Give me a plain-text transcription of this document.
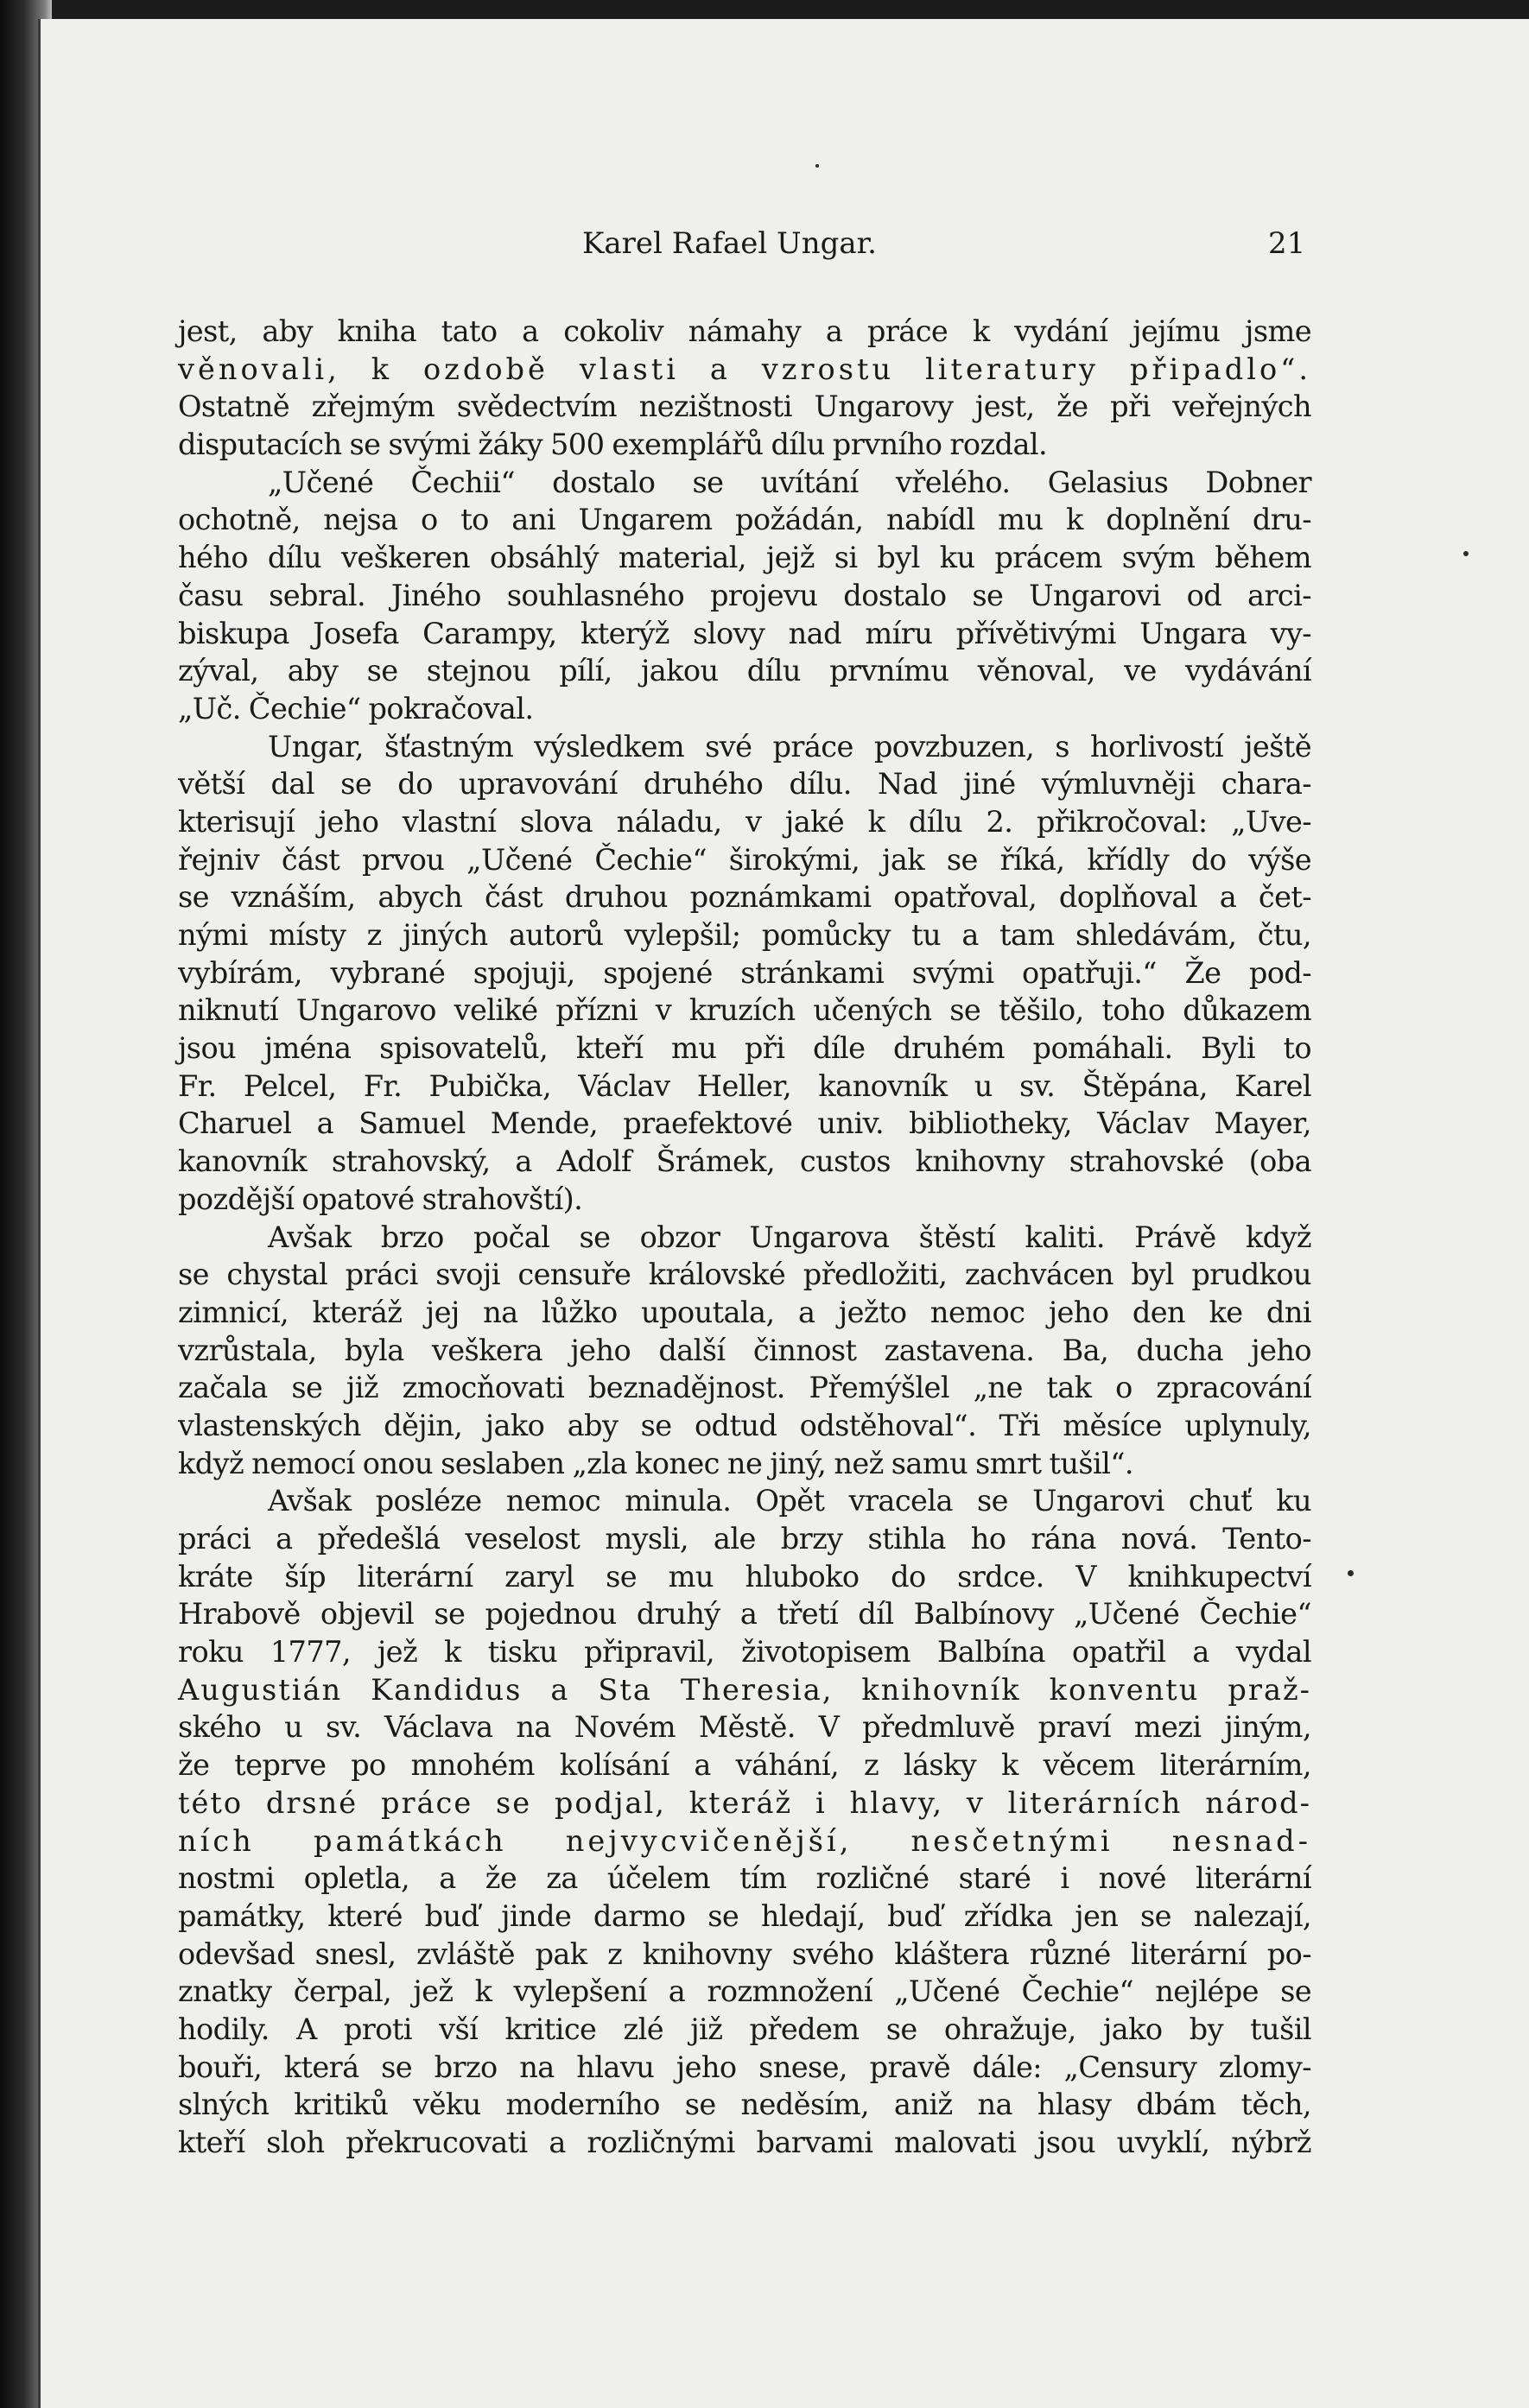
Karel Rafael Ungar.	21
jest, aby kniha tato a cokoliv námahy a práce k vydání jejímu jsme
věnovali, k ozdobě vlasti a vzrostu literatury připadlo“.
Ostatně zřejmým svědectvím nezištnosti Ungarovy jest, že při veřejných
disputacích se svými žáky 500 exemplářů dílu prvního rozdal.
„Učené Čechii“ dostalo se uvítání vřelého. Gelasius Dobner
ochotně, nejsa o to ani Ungarem požádán, nabídl mu k doplnění dru-
hého dílu veškeren obsáhlý material, jejž si byl ku prácem svým během
času sebral. Jiného souhlasného projevu dostalo se Ungarovi od arci-
biskupa Josefa Carampy, kterýž slovy nad míru přívětivými Ungara vy-
zýval, aby se stejnou pílí, jakou dílu prvnímu věnoval, ve vydávání
„Uč. Čechie“ pokračoval.
Ungar, šťastným výsledkem své práce povzbuzen, s horlivostí ještě
větší dal se do upravování druhého dílu. Nad jiné výmluvněji chara-
kterisují jeho vlastní slova náladu, v jaké k dílu 2. přikročoval: „Uve-
řejniv část prvou „Učené Čechie“ širokými, jak se říká, křídly do výše
se vznáším, abych část druhou poznámkami opatřoval, doplňoval a čet-
nými místy z jiných autorů vylepšil; pomůcky tu a tam shledávám, čtu,
vybírám, vybrané spojuji, spojené stránkami svými opatřuji.“ Že pod-
niknutí Ungarovo veliké přízni v kruzích učených se těšilo, toho důkazem
jsou jména spisovatelů, kteří mu při díle druhém pomáhali. Byli to
Fr. Pelcel, Fr. Pubička, Václav Heller, kanovník u sv. Štěpána, Karel
Charuel a Samuel Mende, praefektové univ. bibliotheky, Václav Mayer,
kanovník strahovský, a Adolf Šrámek, custos knihovny strahovské (oba
pozdější opatové strahovští).
Avšak brzo počal se obzor Ungarova štěstí kaliti. Právě když
se chystal práci svoji censuře královské předložiti, zachvácen byl prudkou
zimnicí, kteráž jej na lůžko upoutala, a ježto nemoc jeho den ke dni
vzrůstala, byla veškera jeho další činnost zastavena. Ba, ducha jeho
začala se již zmocňovati beznadějnost. Přemýšlel „ne tak o zpracování
vlastenských dějin, jako aby se odtud odstěhoval“. Tři měsíce uplynuly,
když nemocí onou seslaben „zla konec ne jiný, než samu smrt tušil“.
Avšak posléze nemoc minula. Opět vracela se Ungarovi chuť ku
práci a předešlá veselost mysli, ale brzy stihla ho rána nová. Tento-
kráte šíp literární zaryl se mu hluboko do srdce. V knihkupectví
Hrabově objevil se pojednou druhý a třetí díl Balbínovy „Učené Čechie“
roku 1777, jež k tisku připravil, životopisem Balbína opatřil a vydal
Augustián Kandidus a Sta Theresia, knihovník konventu praž-
ského u sv. Václava na Novém Městě. V předmluvě praví mezi jiným,
že teprve po mnohém kolísání a váhání, z lásky k věcem literárním,
této drsné práce se podjal, kteráž i hlavy, v literárních národ-
ních památkách nejvycvičenější, nesčetnými nesnad-
nostmi opletla, a že za účelem tím rozličné staré i nové literární
památky, které buď jinde darmo se hledají, buď zřídka jen se nalezají,
odevšad snesl, zvláště pak z knihovny svého kláštera různé literární po-
znatky čerpal, jež k vylepšení a rozmnožení „Učené Čechie“ nejlépe se
hodily. A proti vší kritice zlé již předem se ohražuje, jako by tušil
bouři, která se brzo na hlavu jeho snese, pravě dále: „Censury zlomy-
slných kritiků věku moderního se neděsím, aniž na hlasy dbám těch,
kteří sloh překrucovati a rozličnými barvami malovati jsou uvyklí, nýbrž
